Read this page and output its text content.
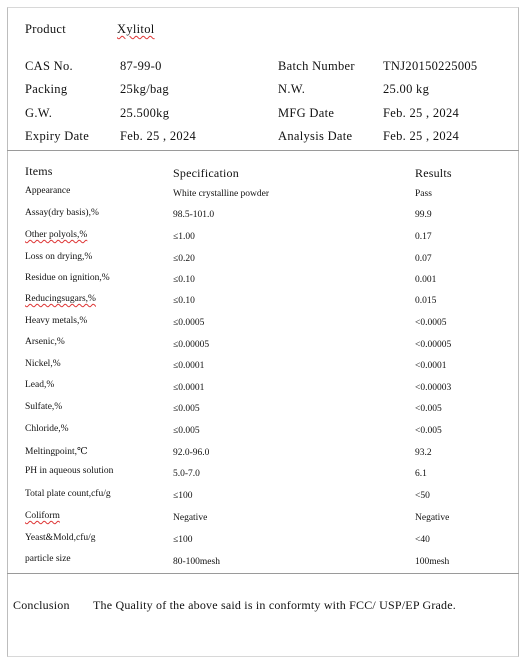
Product	Xylitol
CAS No.	87-99-0	Batch Number TNJ20150225005
Packing	25kg/bag	N.W.	25.00 kg
G.W.	25.500kg	MFG Date	Feb. 25 , 2024
Expiry Date Feb. 25 , 2024	Analysis Date Feb. 25 , 2024
Items	Specification	Results
Appearance	White crystalline powder	Pass
Assay(dry basis),%	98.5-101.0	99.9
Other polyols,%	≤1.00	0.17
Loss on drying,%	≤0.20	0.07
Residue on ignition,%	≤0.10	0.001
Reducingsugars,%	≤0.10	0.015
Heavy metals,%	≤0.0005	<0.0005
Arsenic,%	≤0.00005	<0.00005
Nickel,%	≤0.0001	<0.0001
Lead,%	≤0.0001	<0.00003
Sulfate,%	≤0.005	<0.005
Chloride,%	≤0.005	<0.005
Meltingpoint,℃	92.0-96.0	93.2
PH in aqueous solution	5.0-7.0	6.1
Total plate count,cfu/g	≤100	<50
Coliform	Negative	Negative
Yeast&Mold,cfu/g	≤100	<40
particle size	80-100mesh	100mesh
Conclusion The Quality of the above said is in conformty with FCC/ USP/EP Grade.
